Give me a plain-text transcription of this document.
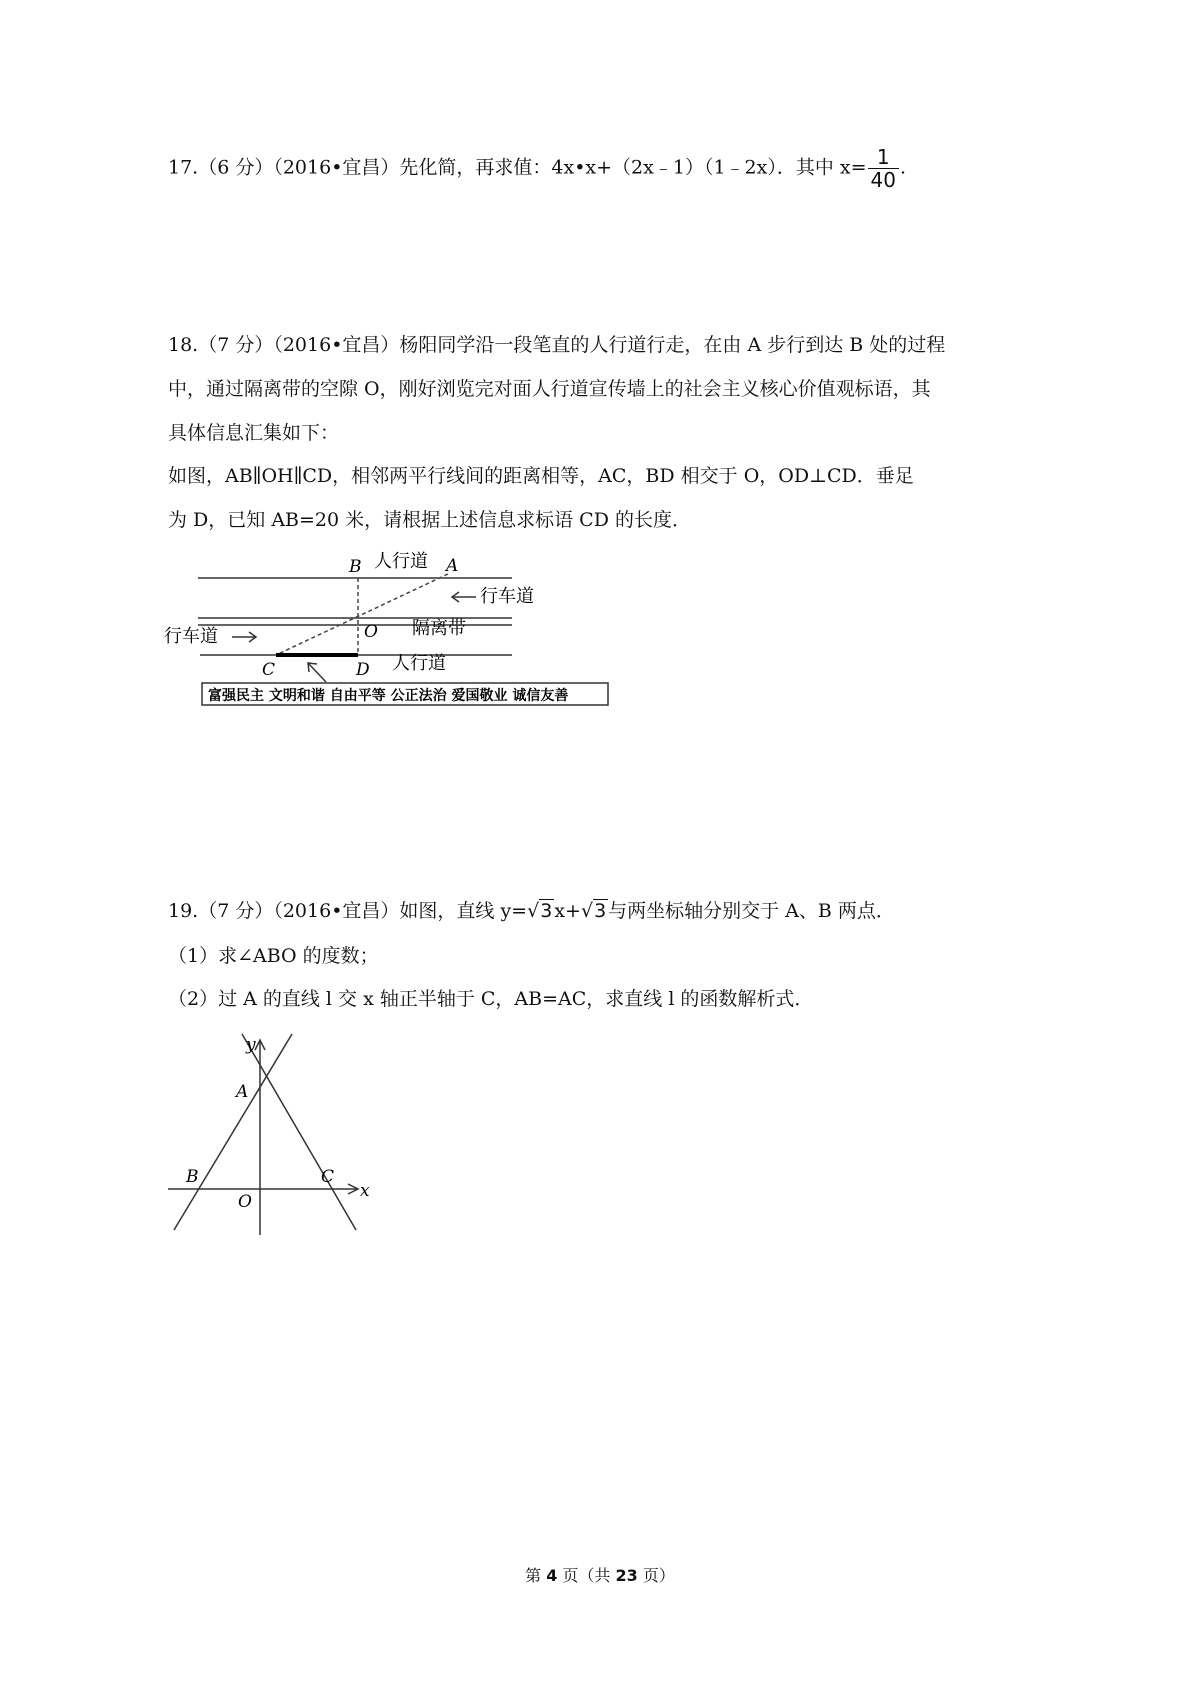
17.（6 分）（2016•宜昌）先化简，再求值：4x•x+（2x﹣1）（1﹣2x）．其中 $x= \frac{1}{40}$ .
18.（7 分）（2016•宜昌）杨阳同学沿一段笔直的人行道行走，在由 A 步行到达 B 处的过程
中，通过隔离带的空隙 O，刚好浏览完对面人行道宣传墙上的社会主义核心价值观标语，其
具体信息汇集如下：
如图，AB∥OH∥CD，相邻两平行线间的距离相等，AC，BD 相交于 O，OD⊥CD．垂足
为 D，已知 AB=20 米，请根据上述信息求标语 CD 的长度．
B	A
O
C	D
人行道
行车道
隔离带
行车道
人行道
富强民主 文明和谐 自由平等 公正法治 爱国敬业 诚信友善
19.（7 分）（2016•宜昌）如图，直线 y=√3 x+√3 与两坐标轴分别交于 A、B 两点．
（1）求∠ABO 的度数；
（2）过 A 的直线 l 交 x 轴正半轴于 C，AB=AC，求直线 l 的函数解析式．
y
x
A
B	C
O
第 4 页（共 23 页）
